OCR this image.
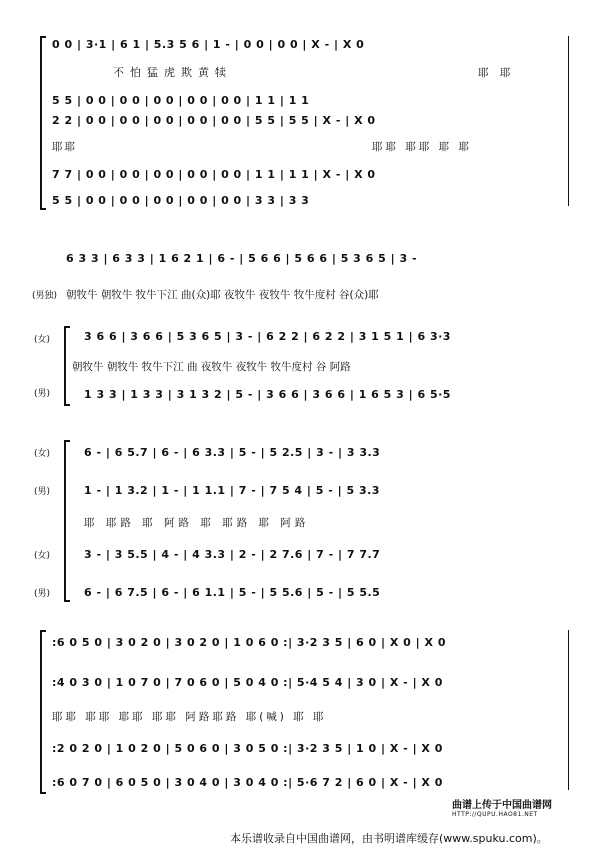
0 0 | 3·1 | 6 1 | 5.3 5 6 | 1 - | 0 0 | 0 0 | X - | X 0
不怕猛虎欺黄犊	耶 耶
5 5 | 0 0 | 0 0 | 0 0 | 0 0 | 0 0 | 1 1 | 1 1
2 2 | 0 0 | 0 0 | 0 0 | 0 0 | 0 0 | 5 5 | 5 5 | X - | X 0
耶耶	耶耶 耶耶 耶 耶
7 7 | 0 0 | 0 0 | 0 0 | 0 0 | 0 0 | 1 1 | 1 1 | X - | X 0
5 5 | 0 0 | 0 0 | 0 0 | 0 0 | 0 0 | 3 3 | 3 3
6 3 3 | 6 3 3 | 1 6 2 1 | 6 - | 5 6 6 | 5 6 6 | 5 3 6 5 | 3 -
(男独) 朝牧牛 朝牧牛 牧牛下江 曲(众)耶 夜牧牛 夜牧牛 牧牛度村 谷(众)耶
(女)
(男)
3 6 6 | 3 6 6 | 5 3 6 5 | 3 - | 6 2 2 | 6 2 2 | 3 1 5 1 | 6 3·3
朝牧牛 朝牧牛 牧牛下江 曲 夜牧牛 夜牧牛 牧牛度村 谷 阿路
1 3 3 | 1 3 3 | 3 1 3 2 | 5 - | 3 6 6 | 3 6 6 | 1 6 5 3 | 6 5·5
(女)
(男)
(女)
(男)
6 - | 6 5.7 | 6 - | 6 3.3 | 5 - | 5 2.5 | 3 - | 3 3.3
1 - | 1 3.2 | 1 - | 1 1.1 | 7 - | 7 5 4 | 5 - | 5 3.3
耶 耶路 耶 阿路 耶 耶路 耶 阿路
3 - | 3 5.5 | 4 - | 4 3.3 | 2 - | 2 7.6 | 7 - | 7 7.7
6 - | 6 7.5 | 6 - | 6 1.1 | 5 - | 5 5.6 | 5 - | 5 5.5
:6 0 5 0 | 3 0 2 0 | 3 0 2 0 | 1 0 6 0 :| 3·2 3 5 | 6 0 | X 0 | X 0
:4 0 3 0 | 1 0 7 0 | 7 0 6 0 | 5 0 4 0 :| 5·4 5 4 | 3 0 | X - | X 0
耶耶 耶耶 耶耶 耶耶 阿路耶路 耶(喊) 耶 耶
:2 0 2 0 | 1 0 2 0 | 5 0 6 0 | 3 0 5 0 :| 3·2 3 5 | 1 0 | X - | X 0
:6 0 7 0 | 6 0 5 0 | 3 0 4 0 | 3 0 4 0 :| 5·6 7 2 | 6 0 | X - | X 0
曲谱上传于中国曲谱网
HTTP://QUPU.HAO81.NET
本乐谱收录自中国曲谱网，由书明谱库缓存(www.spuku.com)。
